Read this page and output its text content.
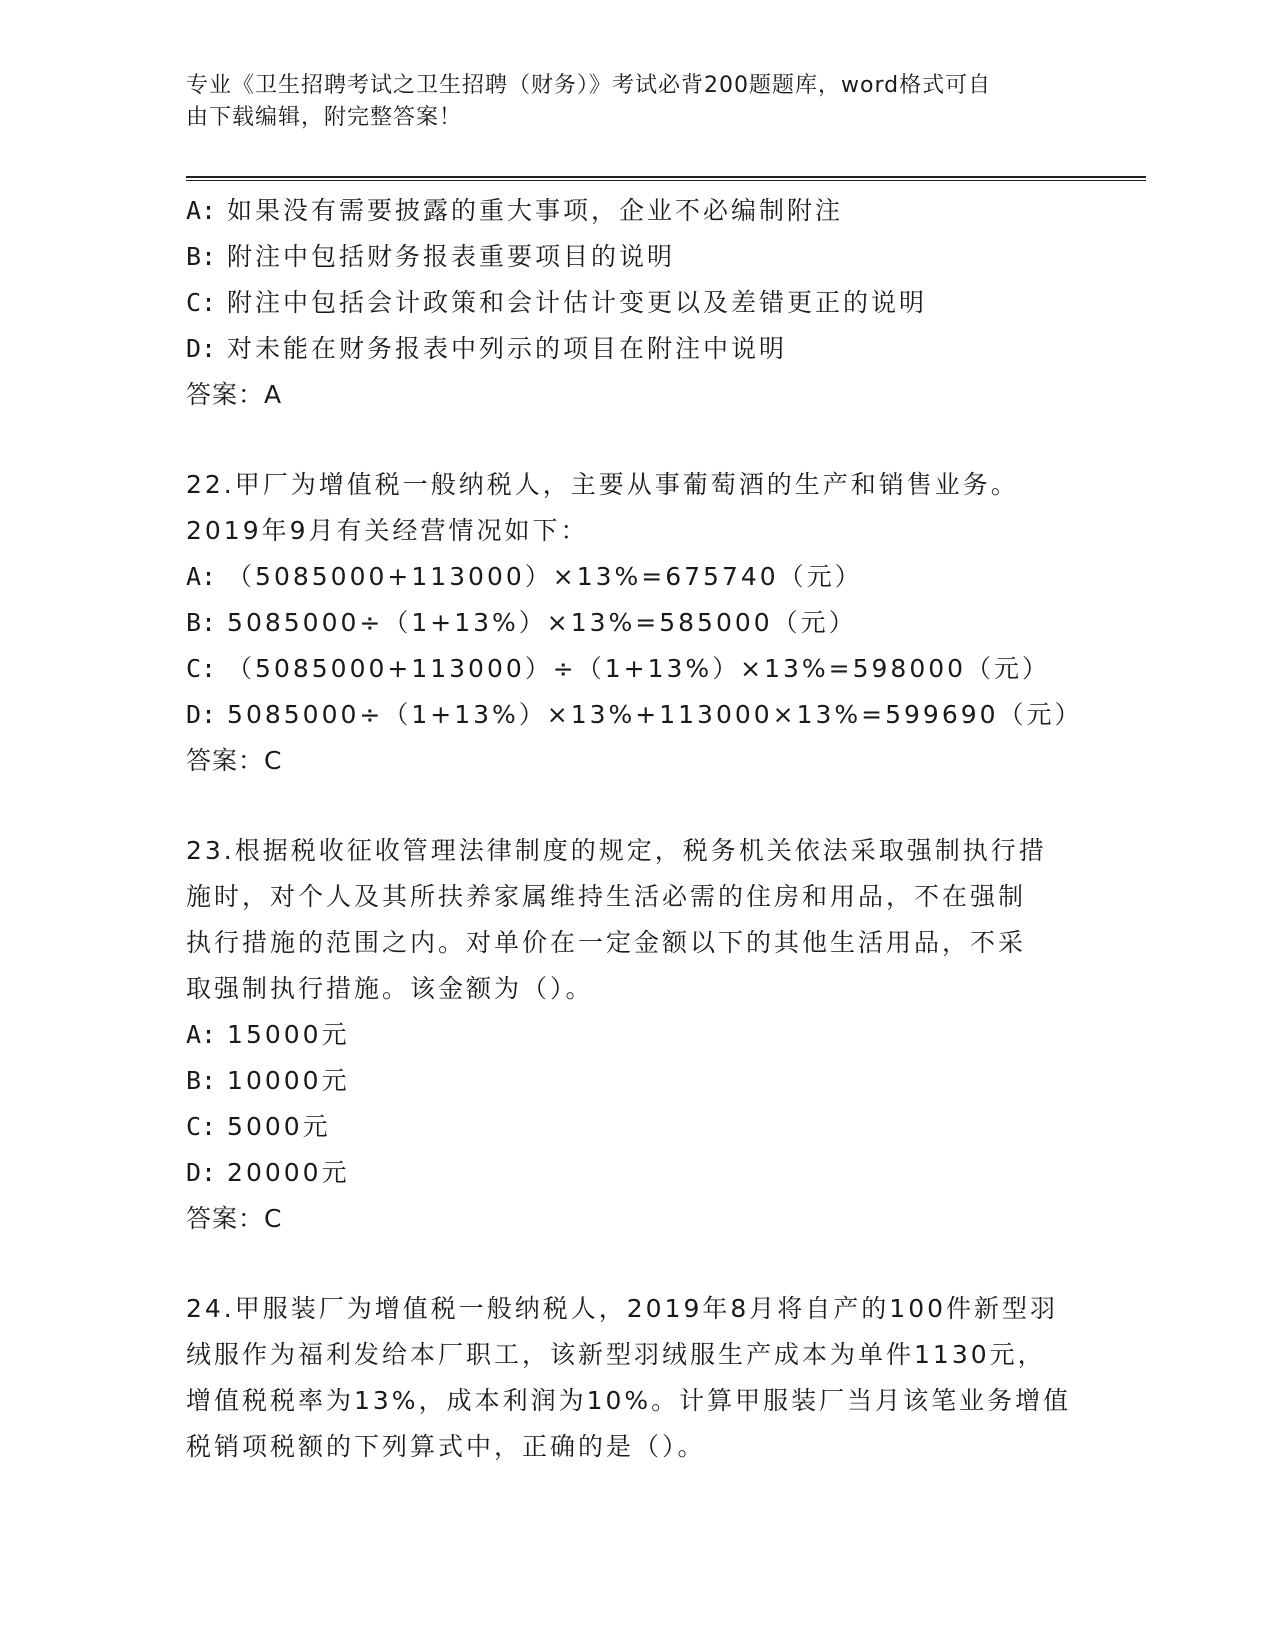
专业《卫生招聘考试之卫生招聘（财务）》考试必背200题题库，word格式可自
由下载编辑，附完整答案！
A: 如果没有需要披露的重大事项，企业不必编制附注
B: 附注中包括财务报表重要项目的说明
C: 附注中包括会计政策和会计估计变更以及差错更正的说明
D: 对未能在财务报表中列示的项目在附注中说明
答案：A
22.甲厂为增值税一般纳税人，主要从事葡萄酒的生产和销售业务。
2019年9月有关经营情况如下：
A: （5085000+113000）×13%=675740（元）
B: 5085000÷（1+13%）×13%=585000（元）
C: （5085000+113000）÷（1+13%）×13%=598000（元）
D: 5085000÷（1+13%）×13%+113000×13%=599690（元）
答案：C
23.根据税收征收管理法律制度的规定，税务机关依法采取强制执行措
施时，对个人及其所扶养家属维持生活必需的住房和用品，不在强制
执行措施的范围之内。对单价在一定金额以下的其他生活用品，不采
取强制执行措施。该金额为（）。
A: 15000元
B: 10000元
C: 5000元
D: 20000元
答案：C
24.甲服装厂为增值税一般纳税人，2019年8月将自产的100件新型羽
绒服作为福利发给本厂职工，该新型羽绒服生产成本为单件1130元，
增值税税率为13%，成本利润为10%。计算甲服装厂当月该笔业务增值
税销项税额的下列算式中，正确的是（）。
